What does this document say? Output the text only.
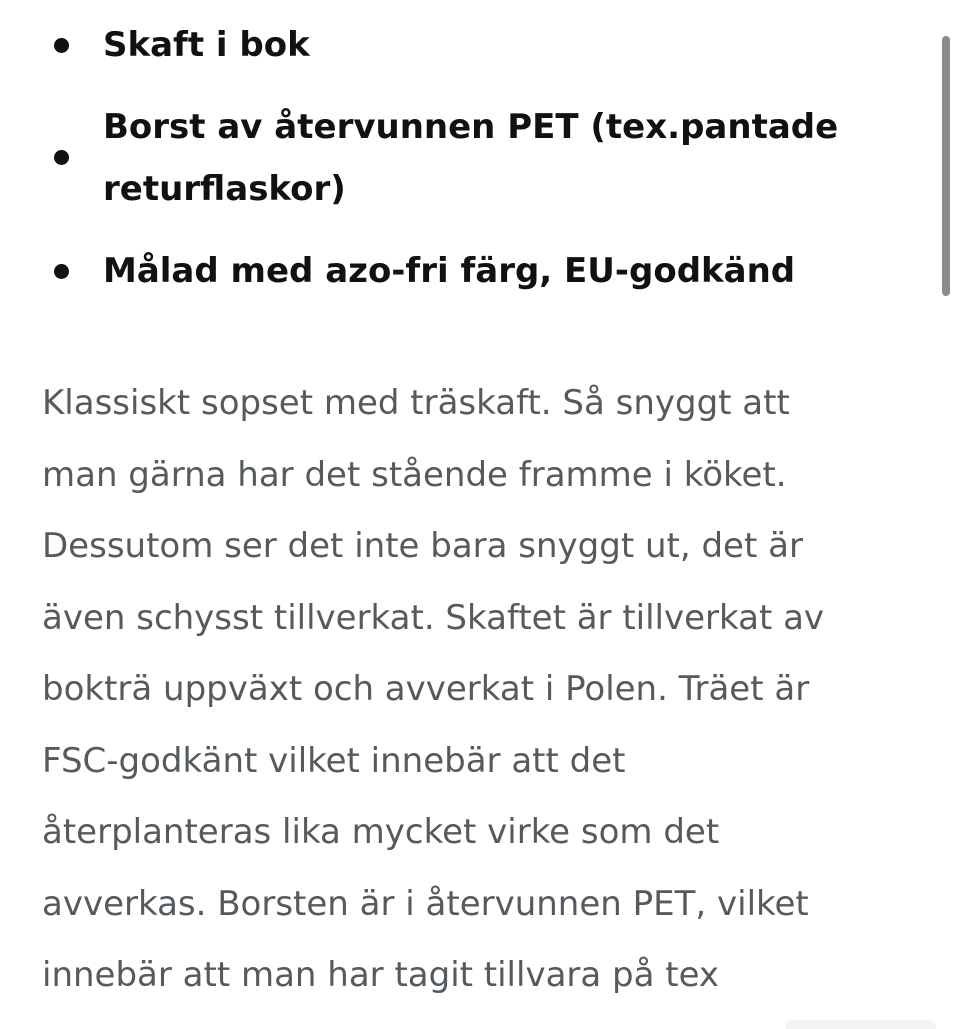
Skaft i bok
Borst av återvunnen PET (tex.pantade
returflaskor)
Målad med azo-fri färg, EU-godkänd

Klassiskt sopset med träskaft. Så snyggt att
man gärna har det stående framme i köket.
Dessutom ser det inte bara snyggt ut, det är
även schysst tillverkat. Skaftet är tillverkat av
bokträ uppväxt och avverkat i Polen. Träet är
FSC-godkänt vilket innebär att det
återplanteras lika mycket virke som det
avverkas. Borsten är i återvunnen PET, vilket
innebär att man har tagit tillvara på tex
